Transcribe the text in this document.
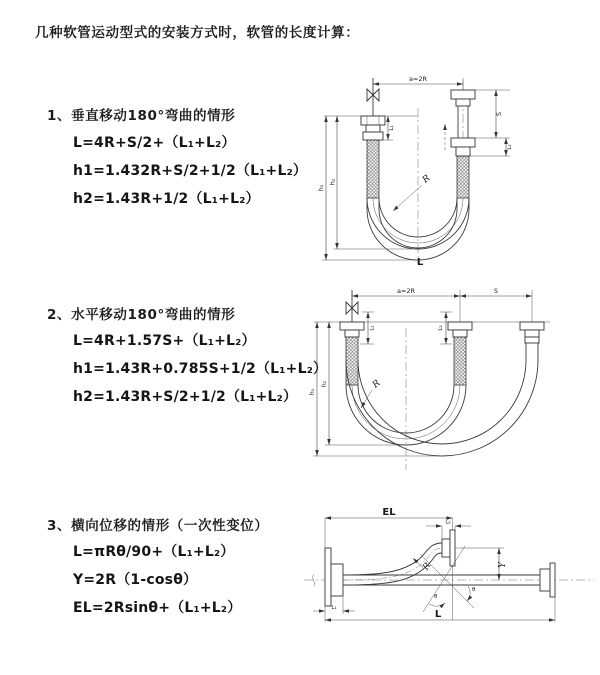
几种软管运动型式的安装方式时，软管的长度计算：
1、垂直移动180°弯曲的情形
L=4R+S/2+（L₁+L₂）
h1=1.432R+S/2+1/2（L₁+L₂）
h2=1.43R+1/2（L₁+L₂）
2、水平移动180°弯曲的情形
L=4R+1.57S+（L₁+L₂）
h1=1.43R+0.785S+1/2（L₁+L₂）
h2=1.43R+S/2+1/2（L₁+L₂）
3、横向位移的情形（一次性变位）
L=πRθ/90+（L₁+L₂）
Y=2R（1-cosθ）
EL=2Rsinθ+（L₁+L₂）
a=2R
h₁
h₂
L₁
S
L₂
R
L
a=2R	S
h₁
h₂
L₁	L₂
R
θ
θ
EL
L₂
Y
L
L₁
R
